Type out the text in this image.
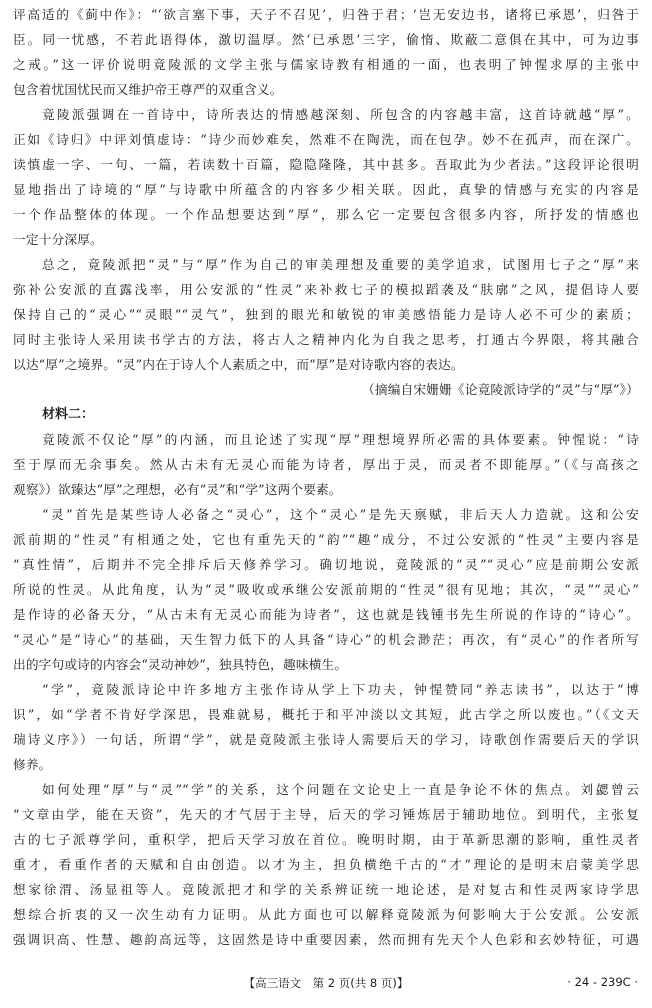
评高适的《蓟中作》：“‘欲言塞下事，天子不召见’，归咎于君；‘岂无安边书，诸将已承恩’，归咎于
臣。同一忧感，不若此语得体，激切温厚。然‘已承恩’三字，偷惰、欺蔽二意俱在其中，可为边事
之戒。”这一评价说明竟陵派的文学主张与儒家诗教有相通的一面，也表明了钟惺求厚的主张中
包含着忧国忧民而又维护帝王尊严的双重含义。
竟陵派强调在一首诗中，诗所表达的情感越深刻、所包含的内容越丰富，这首诗就越“厚”。
正如《诗归》中评刘慎虚诗：“诗少而妙难矣，然难不在陶洗，而在包孕。妙不在孤声，而在深广。
读慎虚一字、一句、一篇，若读数十百篇，隐隐隆隆，其中甚多。吾取此为少者法。”这段评论很明
显地指出了诗境的“厚”与诗歌中所蕴含的内容多少相关联。因此，真挚的情感与充实的内容是
一个作品整体的体现。一个作品想要达到“厚”，那么它一定要包含很多内容，所抒发的情感也
一定十分深厚。
总之，竟陵派把“灵”与“厚”作为自己的审美理想及重要的美学追求，试图用七子之“厚”来
弥补公安派的直露浅率，用公安派的“性灵”来补救七子的模拟蹈袭及“肤廓”之风，提倡诗人要
保持自己的“灵心”“灵眼”“灵气”，独到的眼光和敏锐的审美感悟能力是诗人必不可少的素质；
同时主张诗人采用读书学古的方法，将古人之精神内化为自我之思考，打通古今界限，将其融合
以达“厚”之境界。“灵”内在于诗人个人素质之中，而“厚”是对诗歌内容的表达。
（摘编自宋姗姗《论竟陵派诗学的“灵”与“厚”》）
材料二：
竟陵派不仅论“厚”的内涵，而且论述了实现“厚”理想境界所必需的具体要素。钟惺说：“诗
至于厚而无余事矣。然从古未有无灵心而能为诗者，厚出于灵，而灵者不即能厚。”（《与高孩之
观察》）欲臻达“厚”之理想，必有“灵”和“学”这两个要素。
“灵”首先是某些诗人必备之“灵心”，这个“灵心”是先天禀赋，非后天人力造就。这和公安
派前期的“性灵”有相通之处，它也有重先天的“韵”“趣”成分，不过公安派的“性灵”主要内容是
“真性情”，后期并不完全排斥后天修养学习。确切地说，竟陵派的“灵”“灵心”应是前期公安派
所说的性灵。从此角度，认为“灵”吸收或承继公安派前期的“性灵”很有见地；其次，“灵”“灵心”
是作诗的必备天分，“从古未有无灵心而能为诗者”，这也就是钱锺书先生所说的作诗的“诗心”。
“灵心”是“诗心”的基础，天生智力低下的人具备“诗心”的机会渺茫；再次，有“灵心”的作者所写
出的字句或诗的内容会“灵动神妙”，独具特色，趣味横生。
“学”，竟陵派诗论中许多地方主张作诗从学上下功夫，钟惺赞同“养志读书”，以达于“博
识”，如“学者不肯好学深思，畏难就易，概托于和平冲淡以文其短，此古学之所以废也。”（《文天
瑞诗义序》）一句话，所谓“学”，就是竟陵派主张诗人需要后天的学习，诗歌创作需要后天的学识
修养。
如何处理“厚”与“灵”“学”的关系，这个问题在文论史上一直是争论不休的焦点。刘勰曾云
“文章由学，能在天资”，先天的才气居于主导，后天的学习锤炼居于辅助地位。到明代，主张复
古的七子派尊学问，重积学，把后天学习放在首位。晚明时期，由于革新思潮的影响，重性灵者
重才，看重作者的天赋和自由创造。以才为主，担负横绝千古的“才”理论的是明末启蒙美学思
想家徐渭、汤显祖等人。竟陵派把才和学的关系辨证统一地论述，是对复古和性灵两家诗学思
想综合折衷的又一次生动有力证明。从此方面也可以解释竟陵派为何影响大于公安派。公安派
强调识高、性慧、趣韵高远等，这固然是诗中重要因素，然而拥有先天个人色彩和玄妙特征，可遇
【高三语文　第 2 页(共 8 页)】	· 24 - 239C ·
